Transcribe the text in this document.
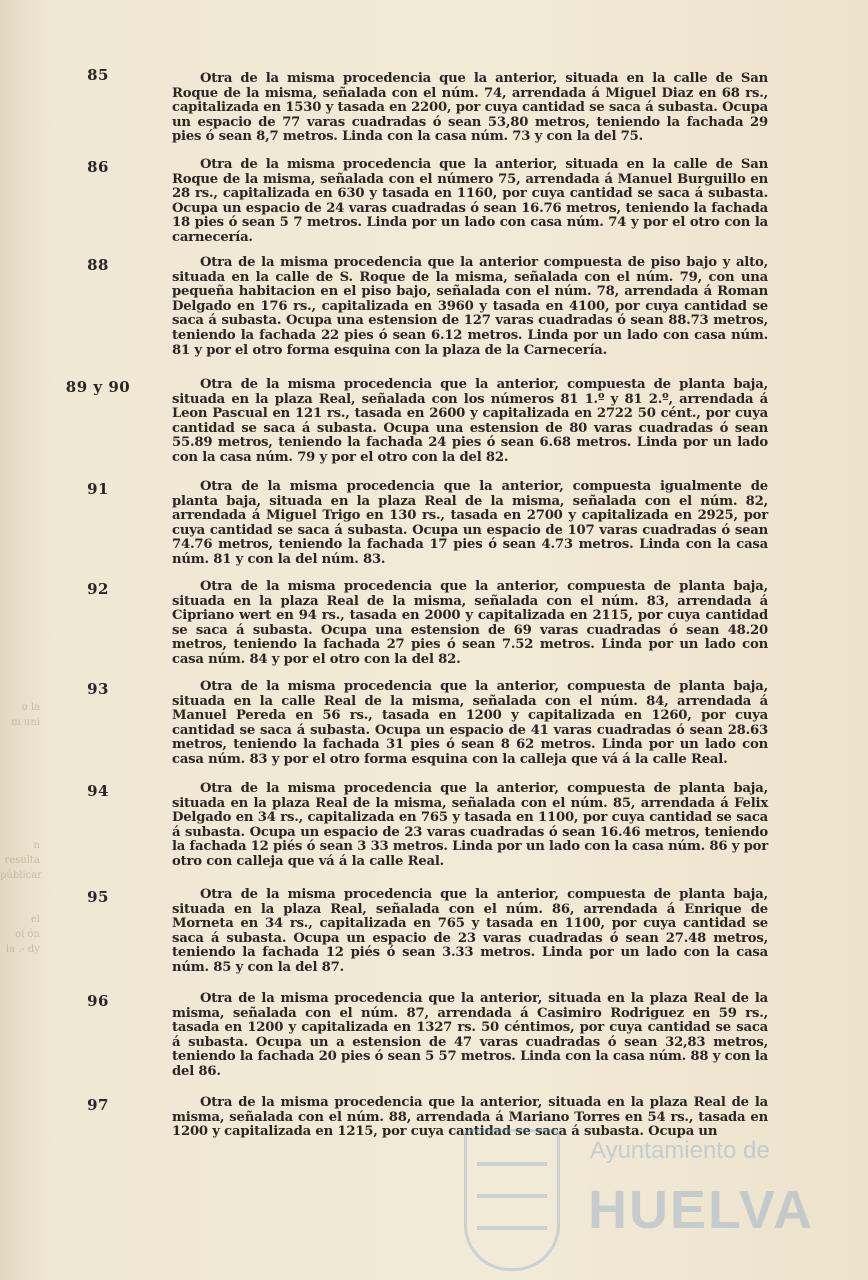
o la
m uni
n resulta
públicar
el
oi ón
la .- dy
85	Otra de la misma procedencia que la anterior, situada en la calle de San Roque de la misma, señalada con el núm. 74, arrendada á Miguel Diaz en 68 rs., capitalizada en 1530 y tasada en 2200, por cuya cantidad se saca á subasta. Ocupa un espacio de 77 varas cuadradas ó sean 53,80 metros, teniendo la fachada 29 pies ó sean 8,7 metros. Linda con la casa núm. 73 y con la del 75.
86	Otra de la misma procedencia que la anterior, situada en la calle de San Roque de la misma, señalada con el número 75, arrendada á Manuel Burguillo en 28 rs., capitalizada en 630 y tasada en 1160, por cuya cantidad se saca á subasta. Ocupa un espacio de 24 varas cuadradas ó sean 16.76 metros, teniendo la fachada 18 pies ó sean 5 7 metros. Linda por un lado con casa núm. 74 y por el otro con la carnecería.
88	Otra de la misma procedencia que la anterior compuesta de piso bajo y alto, situada en la calle de S. Roque de la misma, señalada con el núm. 79, con una pequeña habitacion en el piso bajo, señalada con el núm. 78, arrendada á Roman Delgado en 176 rs., capitalizada en 3960 y tasada en 4100, por cuya cantidad se saca á subasta. Ocupa una estension de 127 varas cuadradas ó sean 88.73 metros, teniendo la fachada 22 pies ó sean 6.12 metros. Linda por un lado con casa núm. 81 y por el otro forma esquina con la plaza de la Carnecería.
89 y 90	Otra de la misma procedencia que la anterior, compuesta de planta baja, situada en la plaza Real, señalada con los números 81 1.º y 81 2.º, arrendada á Leon Pascual en 121 rs., tasada en 2600 y capitalizada en 2722 50 cént., por cuya cantidad se saca á subasta. Ocupa una estension de 80 varas cuadradas ó sean 55.89 metros, teniendo la fachada 24 pies ó sean 6.68 metros. Linda por un lado con la casa núm. 79 y por el otro con la del 82.
91	Otra de la misma procedencia que la anterior, compuesta igualmente de planta baja, situada en la plaza Real de la misma, señalada con el núm. 82, arrendada á Miguel Trigo en 130 rs., tasada en 2700 y capitalizada en 2925, por cuya cantidad se saca á subasta. Ocupa un espacio de 107 varas cuadradas ó sean 74.76 metros, teniendo la fachada 17 pies ó sean 4.73 metros. Linda con la casa núm. 81 y con la del núm. 83.
92	Otra de la misma procedencia que la anterior, compuesta de planta baja, situada en la plaza Real de la misma, señalada con el núm. 83, arrendada á Cipriano wert en 94 rs., tasada en 2000 y capitalizada en 2115, por cuya cantidad se saca á subasta. Ocupa una estension de 69 varas cuadradas ó sean 48.20 metros, teniendo la fachada 27 pies ó sean 7.52 metros. Linda por un lado con casa núm. 84 y por el otro con la del 82.
93	Otra de la misma procedencia que la anterior, compuesta de planta baja, situada en la calle Real de la misma, señalada con el núm. 84, arrendada á Manuel Pereda en 56 rs., tasada en 1200 y capitalizada en 1260, por cuya cantidad se saca á subasta. Ocupa un espacio de 41 varas cuadradas ó sean 28.63 metros, teniendo la fachada 31 pies ó sean 8 62 metros. Linda por un lado con casa núm. 83 y por el otro forma esquina con la calleja que vá á la calle Real.
94	Otra de la misma procedencia que la anterior, compuesta de planta baja, situada en la plaza Real de la misma, señalada con el núm. 85, arrendada á Felix Delgado en 34 rs., capitalizada en 765 y tasada en 1100, por cuya cantidad se saca á subasta. Ocupa un espacio de 23 varas cuadradas ó sean 16.46 metros, teniendo la fachada 12 piés ó sean 3 33 metros. Linda por un lado con la casa núm. 86 y por otro con calleja que vá á la calle Real.
95	Otra de la misma procedencia que la anterior, compuesta de planta baja, situada en la plaza Real, señalada con el núm. 86, arrendada á Enrique de Morneta en 34 rs., capitalizada en 765 y tasada en 1100, por cuya cantidad se saca á subasta. Ocupa un espacio de 23 varas cuadradas ó sean 27.48 metros, teniendo la fachada 12 piés ó sean 3.33 metros. Linda por un lado con la casa núm. 85 y con la del 87.
96	Otra de la misma procedencia que la anterior, situada en la plaza Real de la misma, señalada con el núm. 87, arrendada á Casimiro Rodriguez en 59 rs., tasada en 1200 y capitalizada en 1327 rs. 50 céntimos, por cuya cantidad se saca á subasta. Ocupa un a estension de 47 varas cuadradas ó sean 32,83 metros, teniendo la fachada 20 pies ó sean 5 57 metros. Linda con la casa núm. 88 y con la del 86.
97	Otra de la misma procedencia que la anterior, situada en la plaza Real de la misma, señalada con el núm. 88, arrendada á Mariano Torres en 54 rs., tasada en 1200 y capitalizada en 1215, por cuya cantidad se saca á subasta. Ocupa un
Ayuntamiento de
HUELVA
